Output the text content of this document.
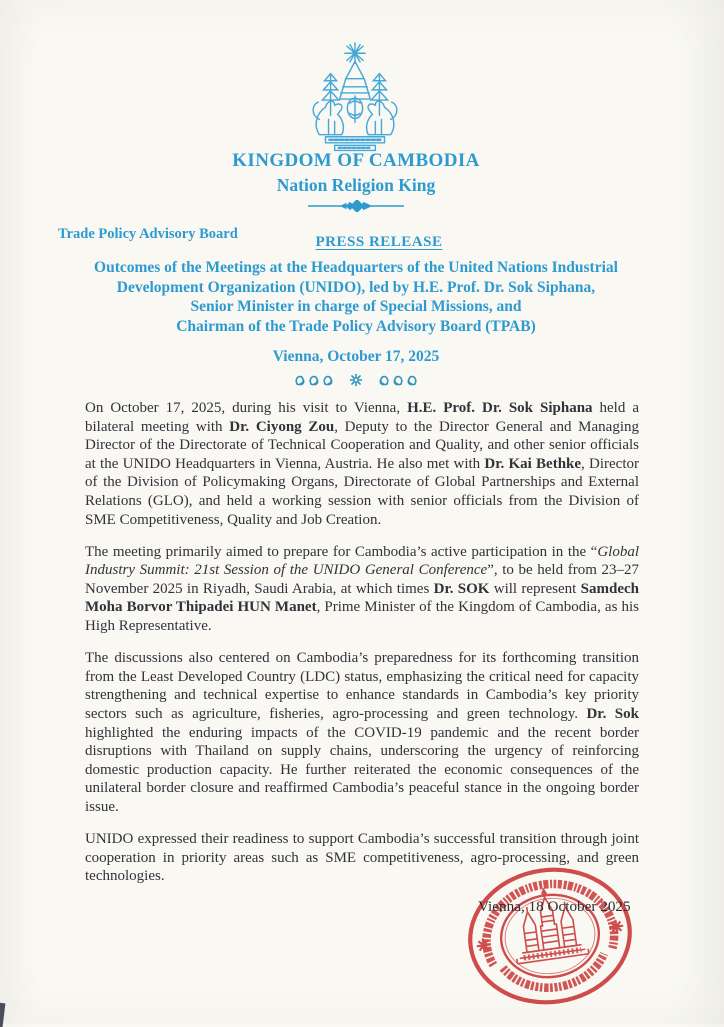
KINGDOM OF CAMBODIA
Nation Religion King
Trade Policy Advisory Board	PRESS RELEASE
Outcomes of the Meetings at the Headquarters of the United Nations Industrial
Development Organization (UNIDO), led by H.E. Prof. Dr. Sok Siphana,
Senior Minister in charge of Special Missions, and
Chairman of the Trade Policy Advisory Board (TPAB)
Vienna, October 17, 2025

On October 17, 2025, during his visit to Vienna, H.E. Prof. Dr. Sok Siphana held a bilateral meeting with Dr. Ciyong Zou, Deputy to the Director General and Managing Director of the Directorate of Technical Cooperation and Quality, and other senior officials at the UNIDO Headquarters in Vienna, Austria. He also met with Dr. Kai Bethke, Director of the Division of Policymaking Organs, Directorate of Global Partnerships and External Relations (GLO), and held a working session with senior officials from the Division of SME Competitiveness, Quality and Job Creation.

The meeting primarily aimed to prepare for Cambodia’s active participation in the “Global Industry Summit: 21st Session of the UNIDO General Conference”, to be held from 23–27 November 2025 in Riyadh, Saudi Arabia, at which times Dr. SOK will represent Samdech Moha Borvor Thipadei HUN Manet, Prime Minister of the Kingdom of Cambodia, as his High Representative.

The discussions also centered on Cambodia’s preparedness for its forthcoming transition from the Least Developed Country (LDC) status, emphasizing the critical need for capacity strengthening and technical expertise to enhance standards in Cambodia’s key priority sectors such as agriculture, fisheries, agro-processing and green technology. Dr. Sok highlighted the enduring impacts of the COVID-19 pandemic and the recent border disruptions with Thailand on supply chains, underscoring the urgency of reinforcing domestic production capacity. He further reiterated the economic consequences of the unilateral border closure and reaffirmed Cambodia’s peaceful stance in the ongoing border issue.

UNIDO expressed their readiness to support Cambodia’s successful transition through joint cooperation in priority areas such as SME competitiveness, agro-processing, and green technologies.

Vienna, 18 October 2025
